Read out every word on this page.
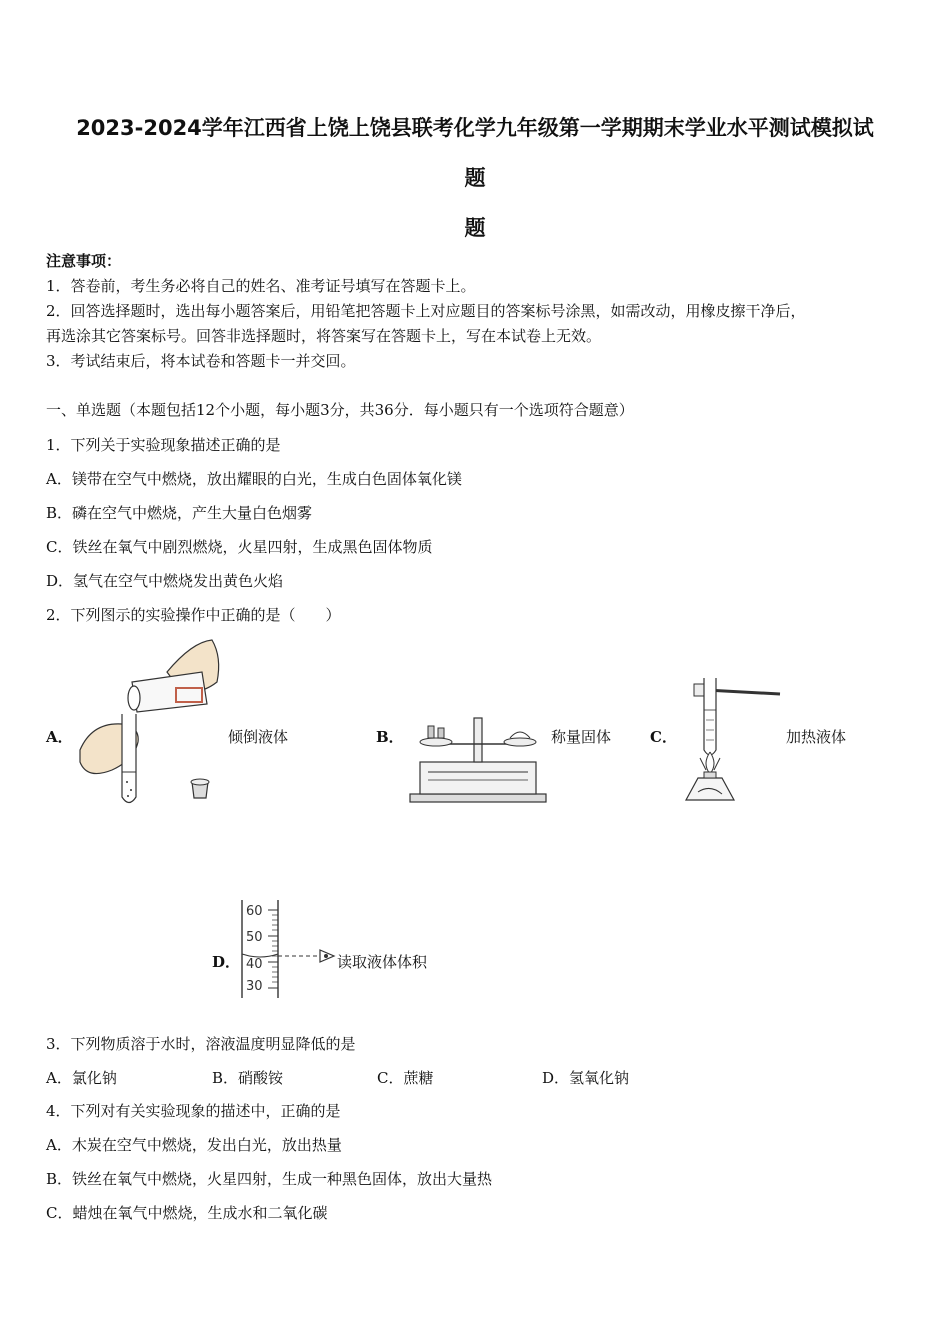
2023-2024学年江西省上饶上饶县联考化学九年级第一学期期末学业水平测试模拟试
题
题
注意事项：
1．答卷前，考生务必将自己的姓名、准考证号填写在答题卡上。
2．回答选择题时，选出每小题答案后，用铅笔把答题卡上对应题目的答案标号涂黑，如需改动，用橡皮擦干净后，
再选涂其它答案标号。回答非选择题时，将答案写在答题卡上，写在本试卷上无效。
3．考试结束后，将本试卷和答题卡一并交回。
一、单选题（本题包括12个小题，每小题3分，共36分．每小题只有一个选项符合题意）
1．下列关于实验现象描述正确的是
A．镁带在空气中燃烧，放出耀眼的白光，生成白色固体氧化镁
B．磷在空气中燃烧，产生大量白色烟雾
C．铁丝在氧气中剧烈燃烧，火星四射，生成黑色固体物质
D．氢气在空气中燃烧发出黄色火焰
2．下列图示的实验操作中正确的是（　　）
A．	倾倒液体	B．	称量固体	C．	加热液体
D．
60
50
40
30
读取液体体积
3．下列物质溶于水时，溶液温度明显降低的是
A．氯化钠	B．硝酸铵	C．蔗糖	D．氢氧化钠
4．下列对有关实验现象的描述中，正确的是
A．木炭在空气中燃烧，发出白光，放出热量
B．铁丝在氧气中燃烧，火星四射，生成一种黑色固体，放出大量热
C．蜡烛在氧气中燃烧，生成水和二氧化碳
